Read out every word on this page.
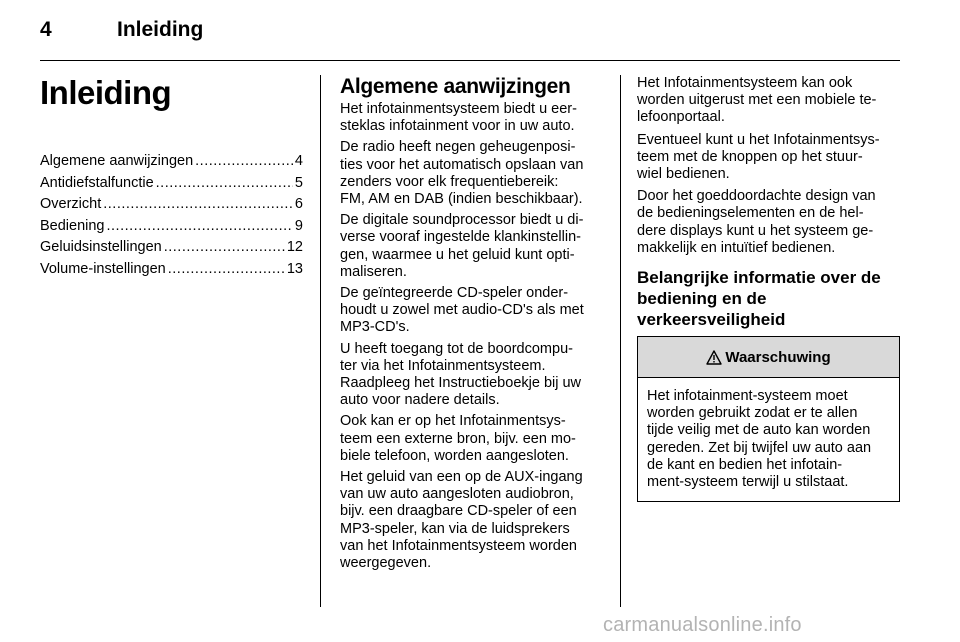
4	Inleiding
Inleiding
Algemene aanwijzingen .....	4
Antidiefstalfunctie .....	5
Overzicht .....	6
Bediening .....	9
Geluidsinstellingen .....	12
Volume-instellingen .....	13
Algemene aanwijzingen

Het infotainmentsysteem biedt u eer-
steklas infotainment voor in uw auto.

De radio heeft negen geheugenposi-
ties voor het automatisch opslaan van
zenders voor elk frequentiebereik:
FM, AM en DAB (indien beschikbaar).

De digitale soundprocessor biedt u di-
verse vooraf ingestelde klankinstellin-
gen, waarmee u het geluid kunt opti-
maliseren.

De geïntegreerde CD-speler onder-
houdt u zowel met audio-CD's als met
MP3-CD's.

U heeft toegang tot de boordcompu-
ter via het Infotainmentsysteem.
Raadpleeg het Instructieboekje bij uw
auto voor nadere details.

Ook kan er op het Infotainmentsys-
teem een externe bron, bijv. een mo-
biele telefoon, worden aangesloten.

Het geluid van een op de AUX-ingang
van uw auto aangesloten audiobron,
bijv. een draagbare CD-speler of een
MP3-speler, kan via de luidsprekers
van het Infotainmentsysteem worden
weergegeven.

Het Infotainmentsysteem kan ook
worden uitgerust met een mobiele te-
lefoonportaal.

Eventueel kunt u het Infotainmentsys-
teem met de knoppen op het stuur-
wiel bedienen.

Door het goeddoordachte design van
de bedieningselementen en de hel-
dere displays kunt u het systeem ge-
makkelijk en intuïtief bedienen.

Belangrijke informatie over de
bediening en de
verkeersveiligheid
Waarschuwing

Het infotainment-systeem moet
worden gebruikt zodat er te allen
tijde veilig met de auto kan worden
gereden. Zet bij twijfel uw auto aan
de kant en bedien het infotain-
ment-systeem terwijl u stilstaat.

carmanualsonline.info
